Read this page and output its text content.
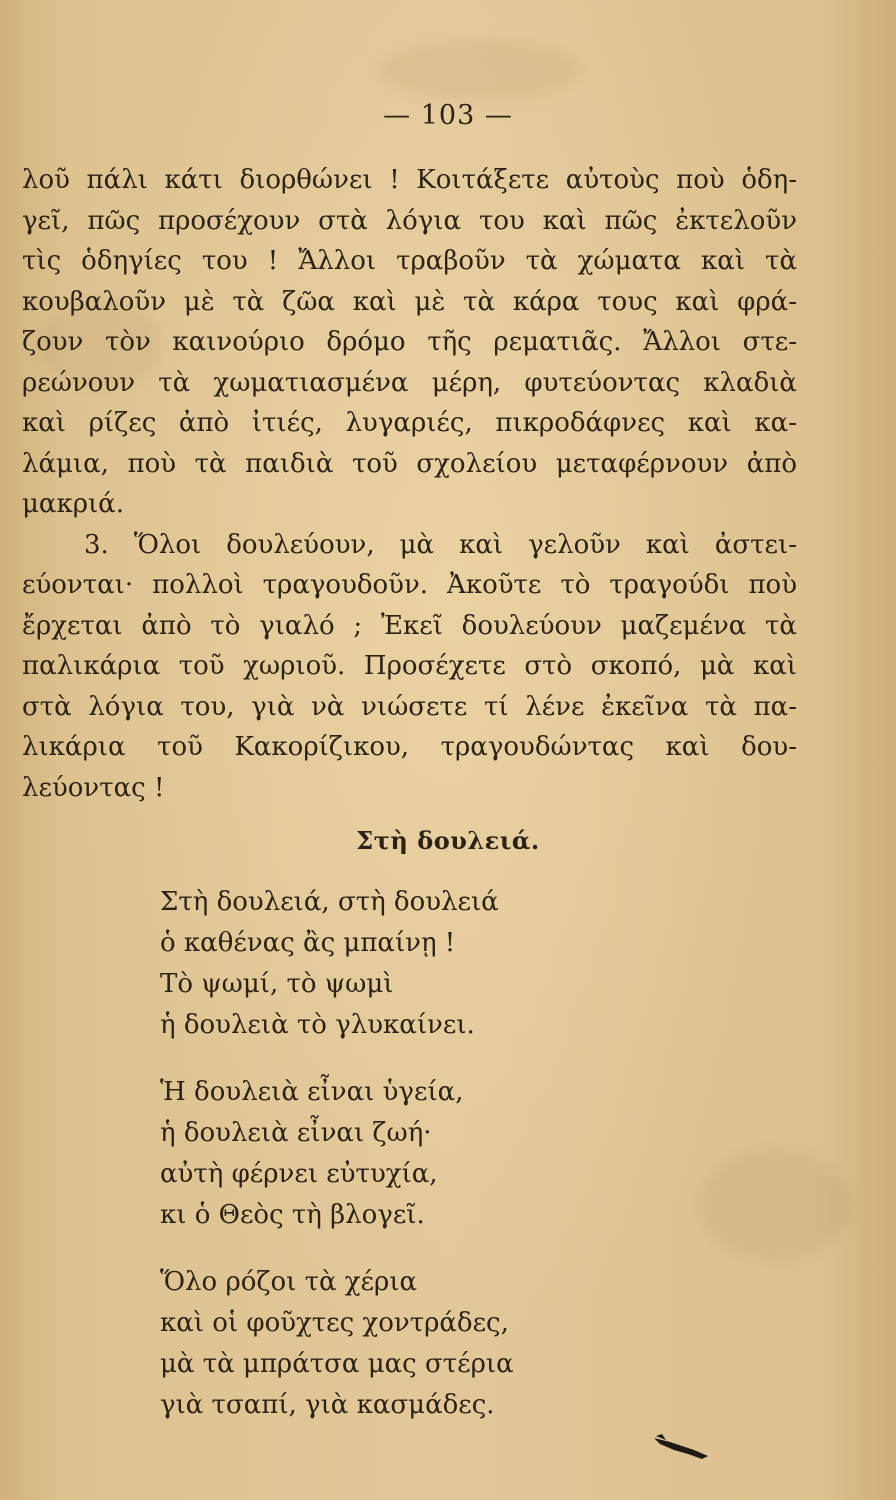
— 103 —
λοῦ πάλι κάτι διορθώνει ! Κοιτάξετε αὐτοὺς ποὺ ὁδη-
γεῖ, πῶς προσέχουν στὰ λόγια του καὶ πῶς ἐκτελοῦν
τὶς ὁδηγίες του ! Ἄλλοι τραβοῦν τὰ χώματα καὶ τὰ
κουβαλοῦν μὲ τὰ ζῶα καὶ μὲ τὰ κάρα τους καὶ φρά-
ζουν τὸν καινούριο δρόμο τῆς ρεματιᾶς. Ἄλλοι στε-
ρεώνουν τὰ χωματιασμένα μέρη, φυτεύοντας κλαδιὰ
καὶ ρίζες ἀπὸ ἰτιές, λυγαριές, πικροδάφνες καὶ κα-
λάμια, ποὺ τὰ παιδιὰ τοῦ σχολείου μεταφέρνουν ἀπὸ
μακριά.
3. Ὅλοι δουλεύουν, μὰ καὶ γελοῦν καὶ ἀστει-
εύονται· πολλοὶ τραγουδοῦν. Ἀκοῦτε τὸ τραγούδι ποὺ
ἔρχεται ἀπὸ τὸ γιαλό ; Ἐκεῖ δουλεύουν μαζεμένα τὰ
παλικάρια τοῦ χωριοῦ. Προσέχετε στὸ σκοπό, μὰ καὶ
στὰ λόγια του, γιὰ νὰ νιώσετε τί λένε ἐκεῖνα τὰ πα-
λικάρια τοῦ Κακορίζικου, τραγουδώντας καὶ δου-
λεύοντας !
Στὴ δουλειά.
Στὴ δουλειά, στὴ δουλειά
ὁ καθένας ἂς μπαίνῃ !
Τὸ ψωμί, τὸ ψωμὶ
ἡ δουλειὰ τὸ γλυκαίνει.
Ἡ δουλειὰ εἶναι ὑγεία,
ἡ δουλειὰ εἶναι ζωή·
αὐτὴ φέρνει εὐτυχία,
κι ὁ Θεὸς τὴ βλογεῖ.
Ὅλο ρόζοι τὰ χέρια
καὶ οἱ φοῦχτες χοντράδες,
μὰ τὰ μπράτσα μας στέρια
γιὰ τσαπί, γιὰ κασμάδες.
